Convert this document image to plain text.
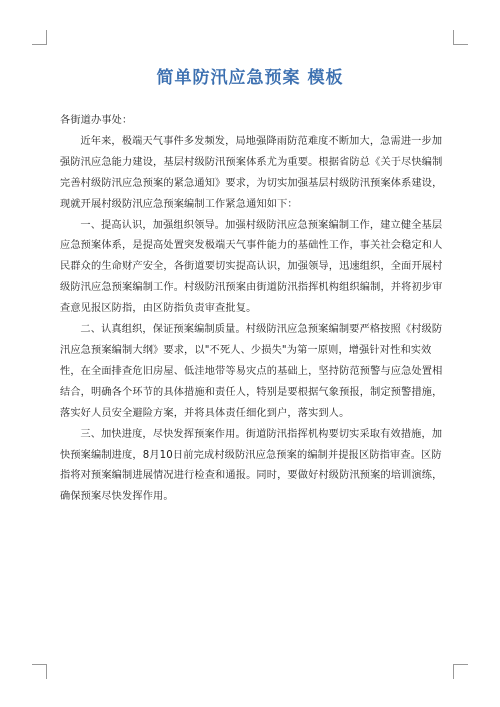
简单防汛应急预案 模板

各街道办事处：

近年来，极端天气事件多发频发，局地强降雨防范难度不断加大，急需进一步加强防汛应急能力建设，基层村级防汛预案体系尤为重要。根据省防总《关于尽快编制完善村级防汛应急预案的紧急通知》要求，为切实加强基层村级防汛预案体系建设，现就开展村级防汛应急预案编制工作紧急通知如下：

一、提高认识，加强组织领导。加强村级防汛应急预案编制工作，建立健全基层应急预案体系，是提高处置突发极端天气事件能力的基础性工作，事关社会稳定和人民群众的生命财产安全，各街道要切实提高认识，加强领导，迅速组织，全面开展村级防汛应急预案编制工作。村级防汛预案由街道防汛指挥机构组织编制，并将初步审查意见报区防指，由区防指负责审查批复。

二、认真组织，保证预案编制质量。村级防汛应急预案编制要严格按照《村级防汛应急预案编制大纲》要求，以"不死人、少损失"为第一原则，增强针对性和实效性，在全面排查危旧房屋、低洼地带等易灾点的基础上，坚持防范预警与应急处置相结合，明确各个环节的具体措施和责任人，特别是要根据气象预报，制定预警措施，落实好人员安全避险方案，并将具体责任细化到户，落实到人。

三、加快进度，尽快发挥预案作用。街道防汛指挥机构要切实采取有效措施，加快预案编制进度，8月10日前完成村级防汛应急预案的编制并提报区防指审查。区防指将对预案编制进展情况进行检查和通报。同时，要做好村级防汛预案的培训演练，确保预案尽快发挥作用。
